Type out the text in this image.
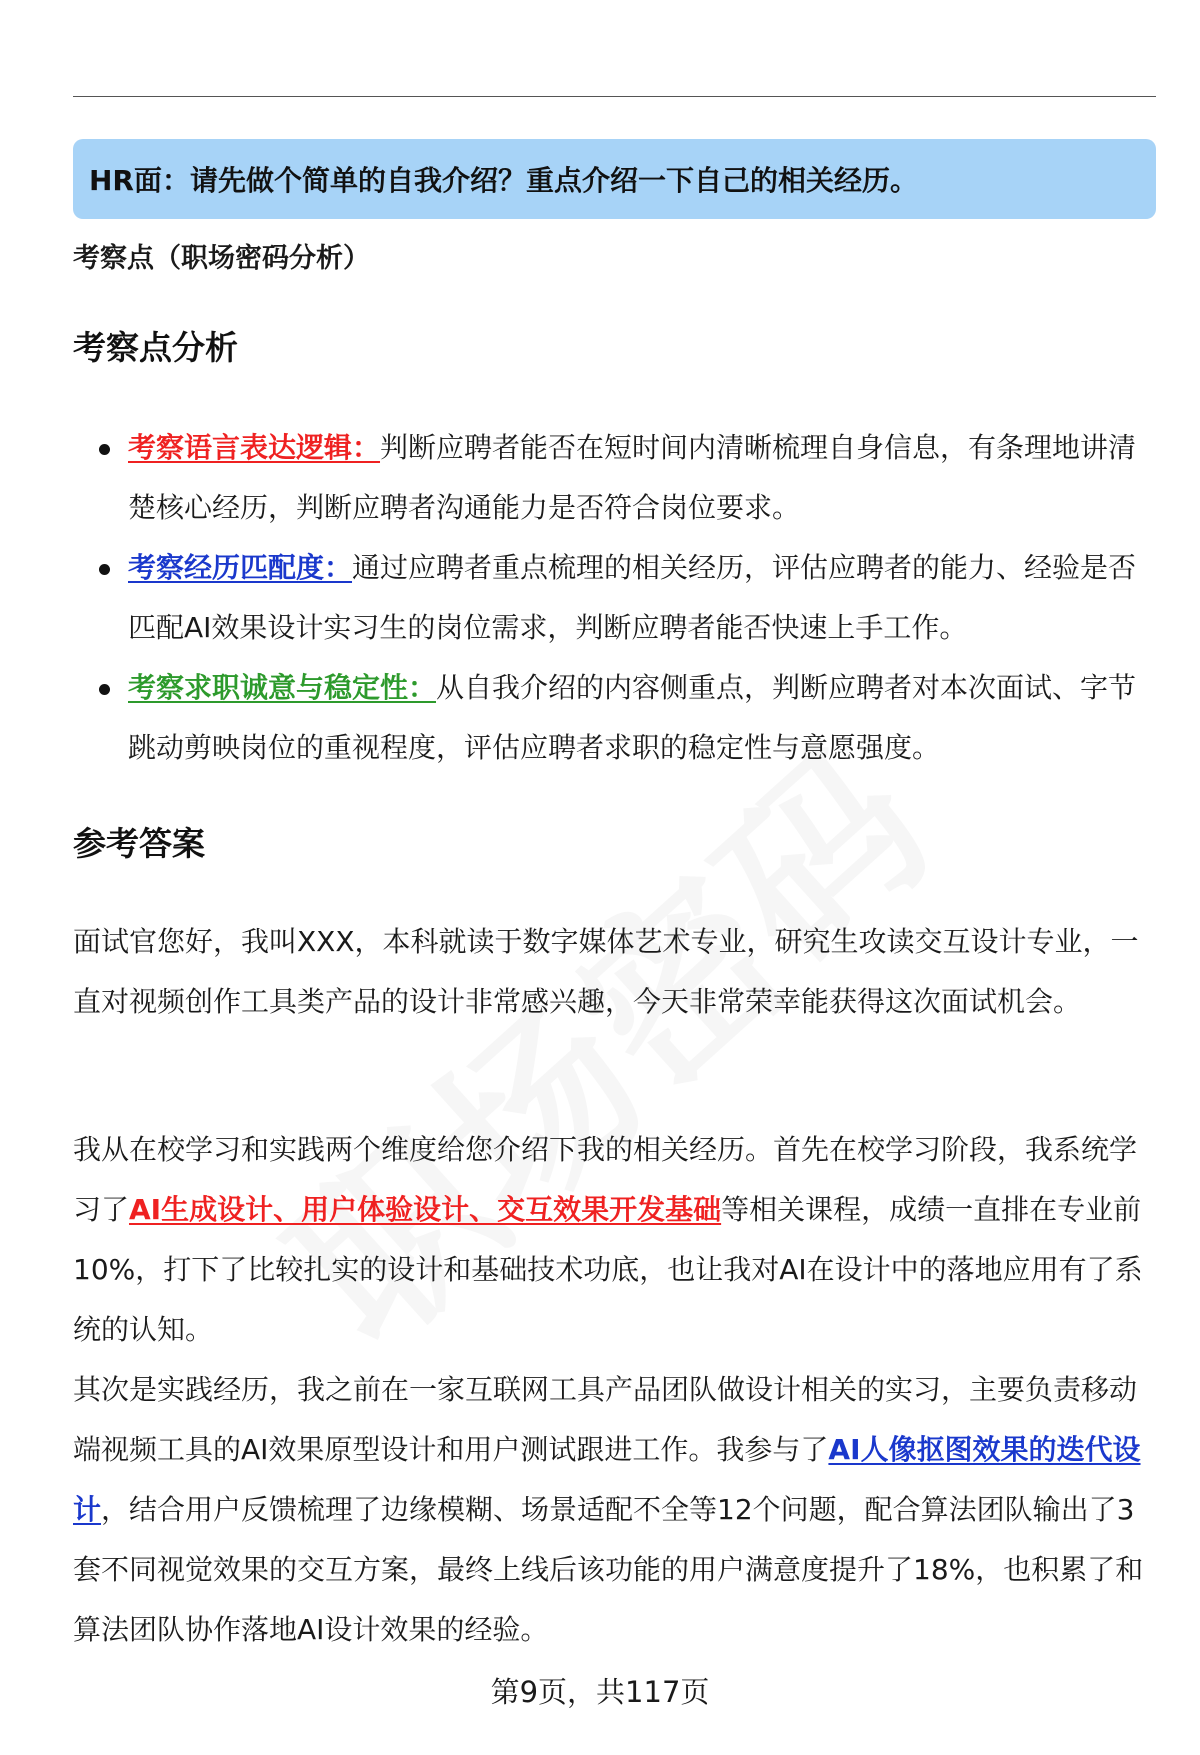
HR面：请先做个简单的自我介绍？重点介绍一下自己的相关经历。
考察点（职场密码分析）
考察点分析
考察语言表达逻辑：判断应聘者能否在短时间内清晰梳理自身信息，有条理地讲清楚核心经历，判断应聘者沟通能力是否符合岗位要求。
考察经历匹配度：通过应聘者重点梳理的相关经历，评估应聘者的能力、经验是否匹配AI效果设计实习生的岗位需求，判断应聘者能否快速上手工作。
考察求职诚意与稳定性：从自我介绍的内容侧重点，判断应聘者对本次面试、字节跳动剪映岗位的重视程度，评估应聘者求职的稳定性与意愿强度。
参考答案

面试官您好，我叫XXX，本科就读于数字媒体艺术专业，研究生攻读交互设计专业，一直对视频创作工具类产品的设计非常感兴趣，今天非常荣幸能获得这次面试机会。

我从在校学习和实践两个维度给您介绍下我的相关经历。首先在校学习阶段，我系统学习了AI生成设计、用户体验设计、交互效果开发基础等相关课程，成绩一直排在专业前10%，打下了比较扎实的设计和基础技术功底，也让我对AI在设计中的落地应用有了系统的认知。

其次是实践经历，我之前在一家互联网工具产品团队做设计相关的实习，主要负责移动端视频工具的AI效果原型设计和用户测试跟进工作。我参与了AI人像抠图效果的迭代设计，结合用户反馈梳理了边缘模糊、场景适配不全等12个问题，配合算法团队输出了3套不同视觉效果的交互方案，最终上线后该功能的用户满意度提升了18%，也积累了和算法团队协作落地AI设计效果的经验。

第9页，共117页
